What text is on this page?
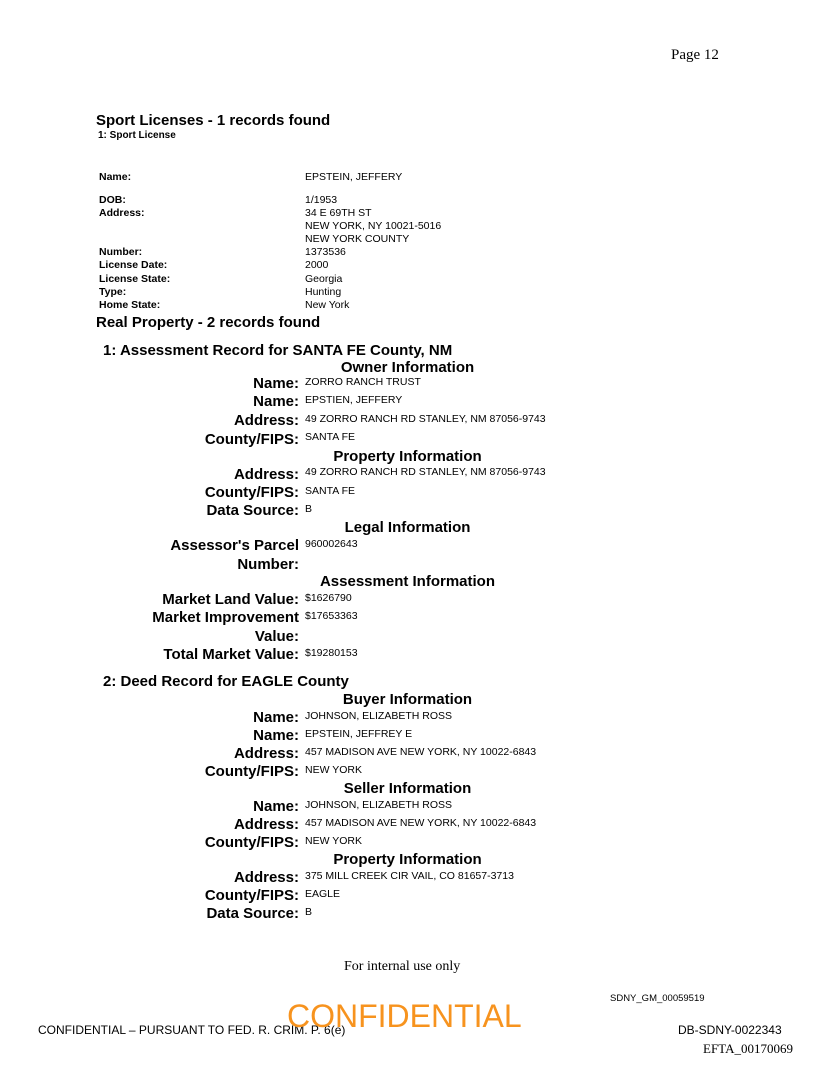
Page 12
Sport Licenses - 1 records found
1: Sport License
Name:	EPSTEIN, JEFFERY
DOB:	1/1953
Address:	34 E 69TH ST
NEW YORK, NY 10021-5016
NEW YORK COUNTY
Number:	1373536
License Date:	2000
License State:	Georgia
Type:	Hunting
Home State:	New York
Real Property - 2 records found
1: Assessment Record for SANTA FE County, NM
Owner Information
Name: ZORRO RANCH TRUST
Name: EPSTIEN, JEFFERY
Address: 49 ZORRO RANCH RD STANLEY, NM 87056-9743
County/FIPS: SANTA FE
Property Information
Address: 49 ZORRO RANCH RD STANLEY, NM 87056-9743
County/FIPS: SANTA FE
Data Source: B
Legal Information
Assessor's Parcel
Number:
960002643
Assessment Information
Market Land Value: $1626790
Market Improvement
Value:
$17653363
Total Market Value: $19280153
2: Deed Record for EAGLE County
Buyer Information
Name: JOHNSON, ELIZABETH ROSS
Name: EPSTEIN, JEFFREY E
Address: 457 MADISON AVE NEW YORK, NY 10022-6843
County/FIPS: NEW YORK
Seller Information
Name: JOHNSON, ELIZABETH ROSS
Address: 457 MADISON AVE NEW YORK, NY 10022-6843
County/FIPS: NEW YORK
Property Information
Address: 375 MILL CREEK CIR VAIL, CO 81657-3713
County/FIPS: EAGLE
Data Source: B
For internal use only
SDNY_GM_00059519
CONFIDENTIAL – PURSUANT TO FED. R. CRIM. P. 6(e)
CONFIDENTIAL	DB-SDNY-0022343
EFTA_00170069
